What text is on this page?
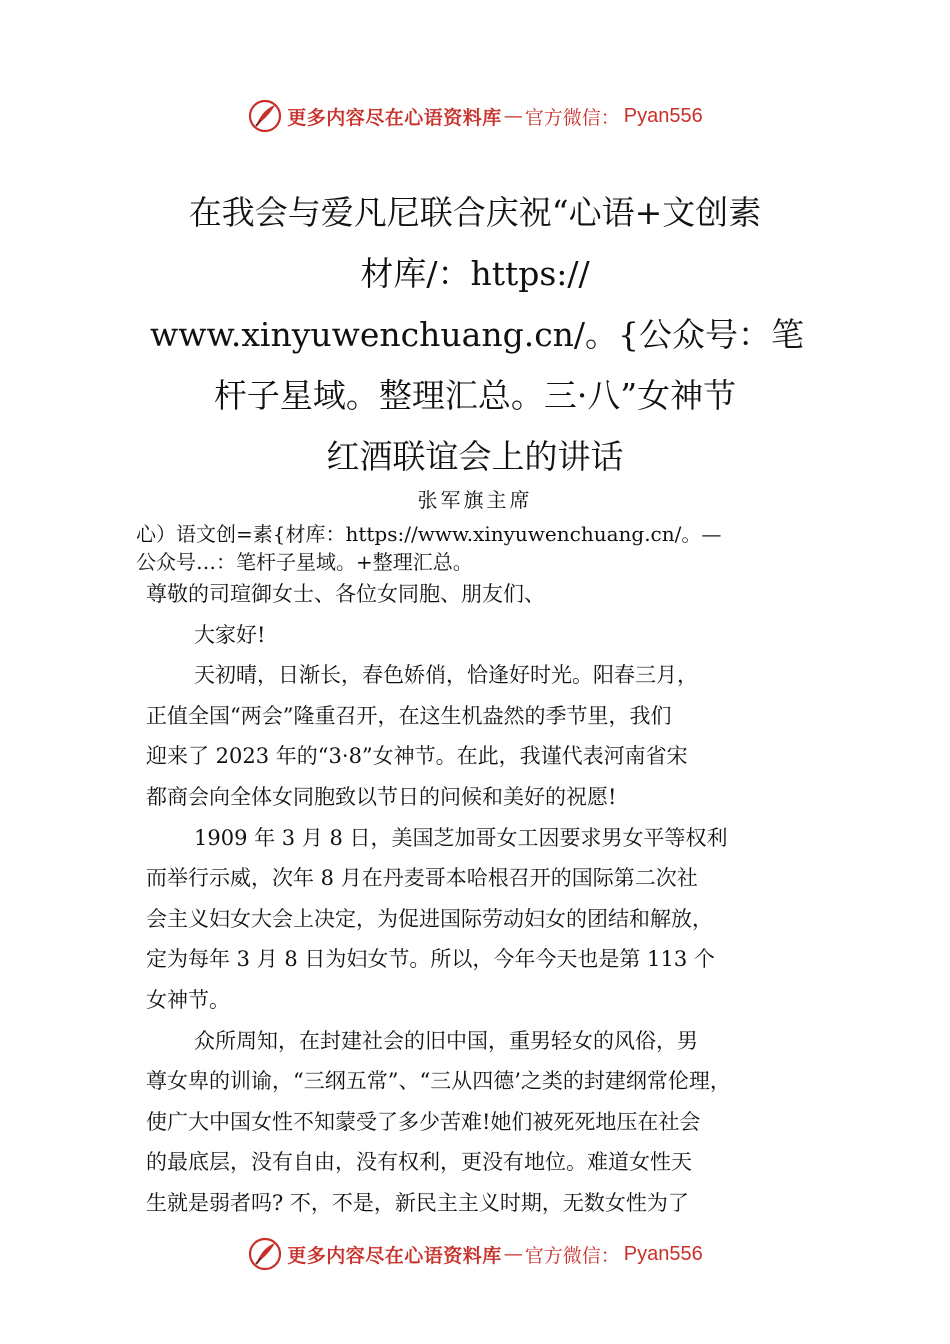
更多内容尽在心语资料库 — 官方微信： Pyan556
在我会与爱凡尼联合庆祝“心语+文创素
材库/：https://
www.xinyuwenchuang.cn/。{公众号：笔
杆子星域。整理汇总。三·八”女神节
红酒联谊会上的讲话
张军旗主席
心）语文创=素{材库：https://www.xinyuwenchuang.cn/。—
公众号…：笔杆子星域。+整理汇总。
尊敬的司瑄御女士、各位女同胞、朋友们、
大家好!
天初晴，日渐长，春色娇俏，恰逢好时光。阳春三月，
正值全国“两会”隆重召开，在这生机盎然的季节里，我们
迎来了 2023 年的“3·8”女神节。在此，我谨代表河南省宋
都商会向全体女同胞致以节日的问候和美好的祝愿!
1909 年 3 月 8 日，美国芝加哥女工因要求男女平等权利
而举行示威，次年 8 月在丹麦哥本哈根召开的国际第二次社
会主义妇女大会上决定，为促进国际劳动妇女的团结和解放，
定为每年 3 月 8 日为妇女节。所以，今年今天也是第 113 个
女神节。
众所周知，在封建社会的旧中国，重男轻女的风俗，男
尊女卑的训谕，“三纲五常”、“三从四德’之类的封建纲常伦理，
使广大中国女性不知蒙受了多少苦难!她们被死死地压在社会
的最底层，没有自由，没有权利，更没有地位。难道女性天
生就是弱者吗? 不，不是，新民主主义时期，无数女性为了
更多内容尽在心语资料库 — 官方微信： Pyan556
